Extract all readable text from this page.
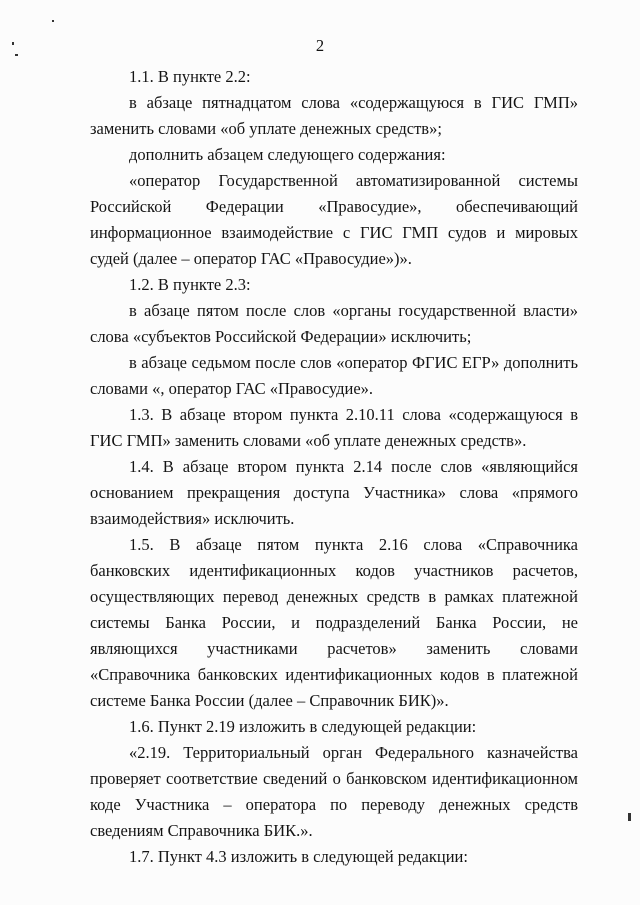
2

1.1. В пункте 2.2:

в абзаце пятнадцатом слова «содержащуюся в ГИС ГМП» заменить словами «об уплате денежных средств»;

дополнить абзацем следующего содержания:

«оператор Государственной автоматизированной системы Российской Федерации «Правосудие», обеспечивающий информационное взаимодействие с ГИС ГМП судов и мировых судей (далее – оператор ГАС «Правосудие»)».

1.2. В пункте 2.3:

в абзаце пятом после слов «органы государственной власти» слова «субъектов Российской Федерации» исключить;

в абзаце седьмом после слов «оператор ФГИС ЕГР» дополнить словами «, оператор ГАС «Правосудие».

1.3. В абзаце втором пункта 2.10.11 слова «содержащуюся в ГИС ГМП» заменить словами «об уплате денежных средств».

1.4. В абзаце втором пункта 2.14 после слов «являющийся основанием прекращения доступа Участника» слова «прямого взаимодействия» исключить.

1.5. В абзаце пятом пункта 2.16 слова «Справочника банковских идентификационных кодов участников расчетов, осуществляющих перевод денежных средств в рамках платежной системы Банка России, и подразделений Банка России, не являющихся участниками расчетов» заменить словами «Справочника банковских идентификационных кодов в платежной системе Банка России (далее – Справочник БИК)».

1.6. Пункт 2.19 изложить в следующей редакции:

«2.19. Территориальный орган Федерального казначейства проверяет соответствие сведений о банковском идентификационном коде Участника – оператора по переводу денежных средств сведениям Справочника БИК.».

1.7. Пункт 4.3 изложить в следующей редакции:
